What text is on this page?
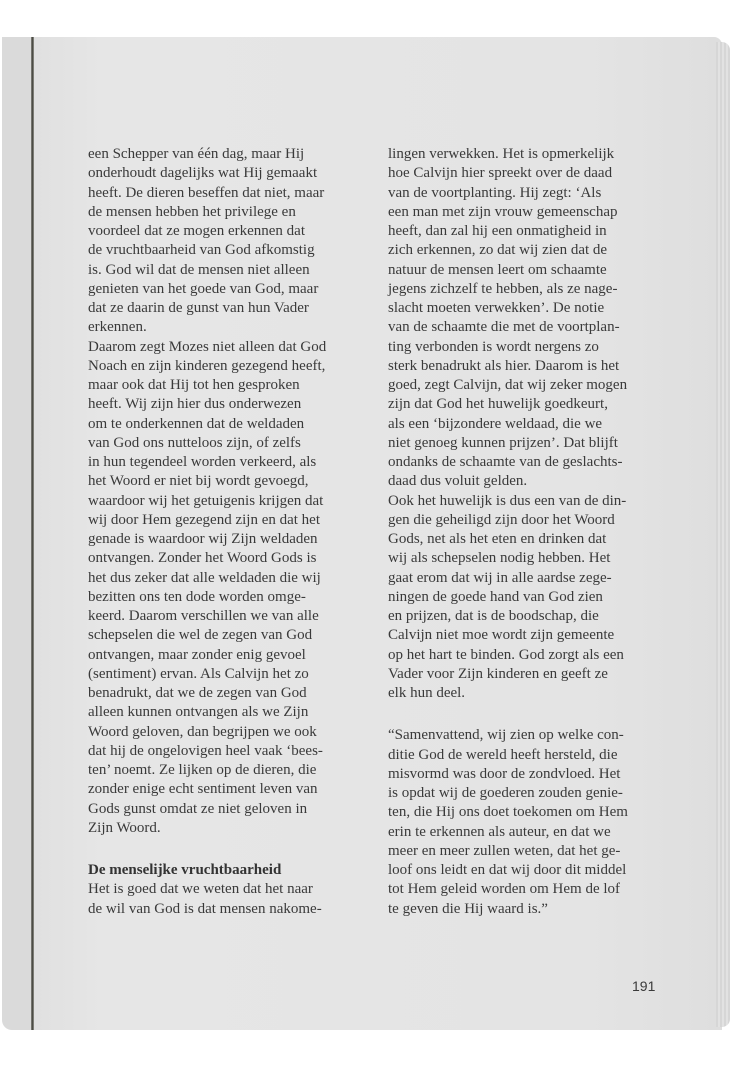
een Schepper van één dag, maar Hij
onderhoudt dagelijks wat Hij gemaakt
heeft. De dieren beseffen dat niet, maar
de mensen hebben het privilege en
voordeel dat ze mogen erkennen dat
de vruchtbaarheid van God afkomstig
is. God wil dat de mensen niet alleen
genieten van het goede van God, maar
dat ze daarin de gunst van hun Vader
erkennen.
Daarom zegt Mozes niet alleen dat God
Noach en zijn kinderen gezegend heeft,
maar ook dat Hij tot hen gesproken
heeft. Wij zijn hier dus onderwezen
om te onderkennen dat de weldaden
van God ons nutteloos zijn, of zelfs
in hun tegendeel worden verkeerd, als
het Woord er niet bij wordt gevoegd,
waardoor wij het getuigenis krijgen dat
wij door Hem gezegend zijn en dat het
genade is waardoor wij Zijn weldaden
ontvangen. Zonder het Woord Gods is
het dus zeker dat alle weldaden die wij
bezitten ons ten dode worden omge-
keerd. Daarom verschillen we van alle
schepselen die wel de zegen van God
ontvangen, maar zonder enig gevoel
(sentiment) ervan. Als Calvijn het zo
benadrukt, dat we de zegen van God
alleen kunnen ontvangen als we Zijn
Woord geloven, dan begrijpen we ook
dat hij de ongelovigen heel vaak ‘bees-
ten’ noemt. Ze lijken op de dieren, die
zonder enige echt sentiment leven van
Gods gunst omdat ze niet geloven in
Zijn Woord.
De menselijke vruchtbaarheid
Het is goed dat we weten dat het naar
de wil van God is dat mensen nakome-
lingen verwekken. Het is opmerkelijk
hoe Calvijn hier spreekt over de daad
van de voortplanting. Hij zegt: ‘Als
een man met zijn vrouw gemeenschap
heeft, dan zal hij een onmatigheid in
zich erkennen, zo dat wij zien dat de
natuur de mensen leert om schaamte
jegens zichzelf te hebben, als ze nage-
slacht moeten verwekken’. De notie
van de schaamte die met de voortplan-
ting verbonden is wordt nergens zo
sterk benadrukt als hier. Daarom is het
goed, zegt Calvijn, dat wij zeker mogen
zijn dat God het huwelijk goedkeurt,
als een ‘bijzondere weldaad, die we
niet genoeg kunnen prijzen’. Dat blijft
ondanks de schaamte van de geslachts-
daad dus voluit gelden.
Ook het huwelijk is dus een van de din-
gen die geheiligd zijn door het Woord
Gods, net als het eten en drinken dat
wij als schepselen nodig hebben. Het
gaat erom dat wij in alle aardse zege-
ningen de goede hand van God zien
en prijzen, dat is de boodschap, die
Calvijn niet moe wordt zijn gemeente
op het hart te binden. God zorgt als een
Vader voor Zijn kinderen en geeft ze
elk hun deel.
“Samenvattend, wij zien op welke con-
ditie God de wereld heeft hersteld, die
misvormd was door de zondvloed. Het
is opdat wij de goederen zouden genie-
ten, die Hij ons doet toekomen om Hem
erin te erkennen als auteur, en dat we
meer en meer zullen weten, dat het ge-
loof ons leidt en dat wij door dit middel
tot Hem geleid worden om Hem de lof
te geven die Hij waard is.”
191
